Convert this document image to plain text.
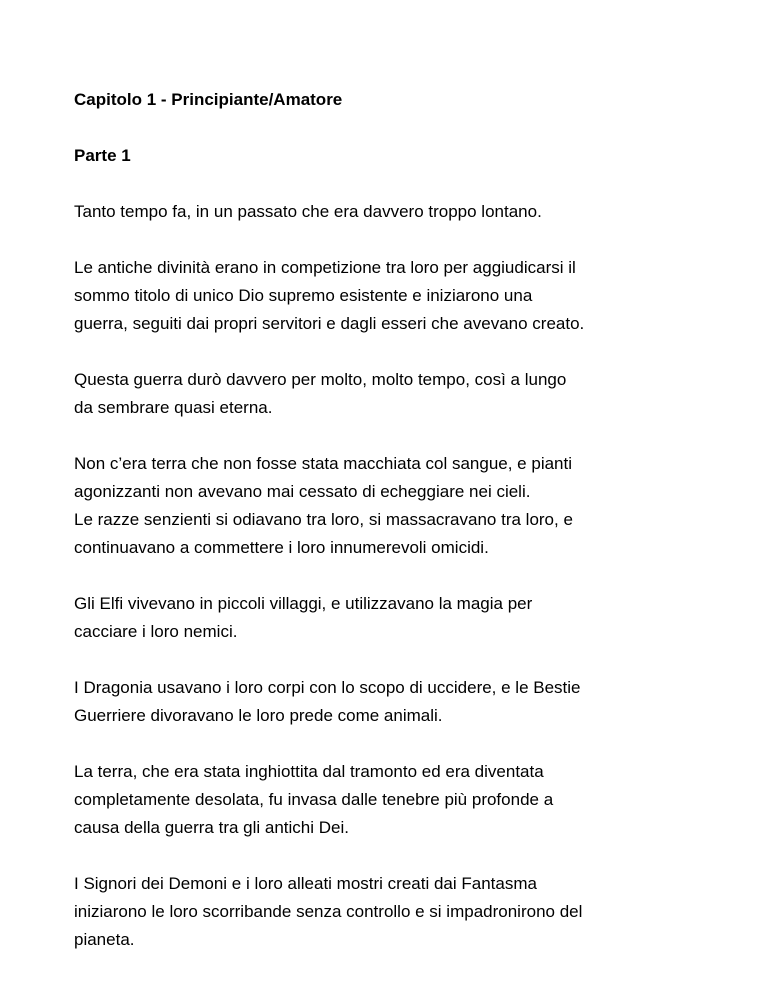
Capitolo 1 - Principiante/Amatore
Parte 1

Tanto tempo fa, in un passato che era davvero troppo lontano.

Le antiche divinità erano in competizione tra loro per aggiudicarsi il
sommo titolo di unico Dio supremo esistente e iniziarono una
guerra, seguiti dai propri servitori e dagli esseri che avevano creato.

Questa guerra durò davvero per molto, molto tempo, così a lungo
da sembrare quasi eterna.

Non c’era terra che non fosse stata macchiata col sangue, e pianti
agonizzanti non avevano mai cessato di echeggiare nei cieli.
Le razze senzienti si odiavano tra loro, si massacravano tra loro, e
continuavano a commettere i loro innumerevoli omicidi.

Gli Elfi vivevano in piccoli villaggi, e utilizzavano la magia per
cacciare i loro nemici.

I Dragonia usavano i loro corpi con lo scopo di uccidere, e le Bestie
Guerriere divoravano le loro prede come animali.

La terra, che era stata inghiottita dal tramonto ed era diventata
completamente desolata, fu invasa dalle tenebre più profonde a
causa della guerra tra gli antichi Dei.

I Signori dei Demoni e i loro alleati mostri creati dai Fantasma
iniziarono le loro scorribande senza controllo e si impadronirono del
pianeta.
